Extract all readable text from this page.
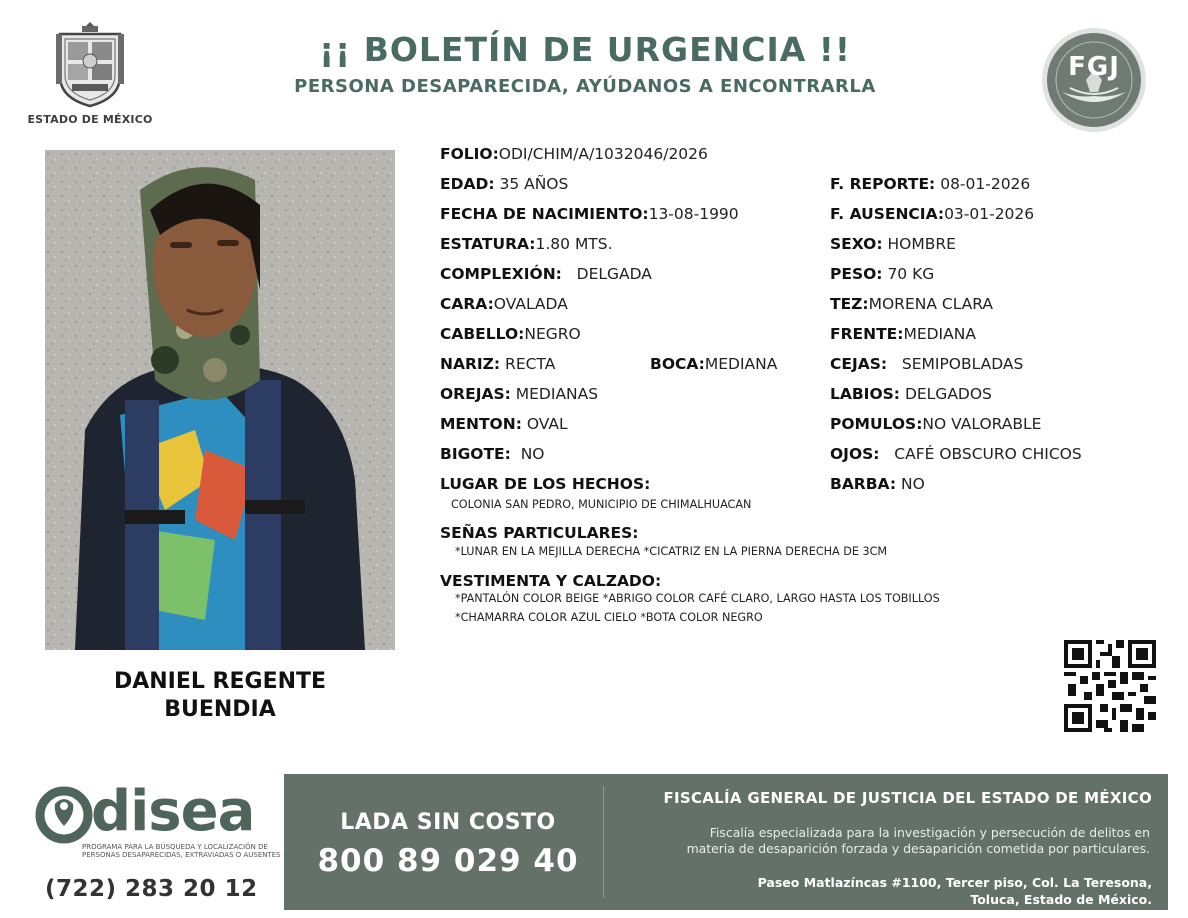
ESTADO DE MÉXICO
¡¡ BOLETÍN DE URGENCIA !!
PERSONA DESAPARECIDA, AYÚDANOS A ENCONTRARLA
FGJ
DANIEL REGENTE
BUENDIA
FOLIO:ODI/CHIM/A/1032046/2026
EDAD: 35 AÑOS
FECHA DE NACIMIENTO:13-08-1990
ESTATURA:1.80 MTS.
COMPLEXIÓN: DELGADA
CARA:OVALADA
CABELLO:NEGRO
NARIZ: RECTA	BOCA:MEDIANA
OREJAS: MEDIANAS
MENTON: OVAL
BIGOTE: NO
LUGAR DE LOS HECHOS:
COLONIA SAN PEDRO, MUNICIPIO DE CHIMALHUACAN
F. REPORTE: 08-01-2026
F. AUSENCIA:03-01-2026
SEXO: HOMBRE
PESO: 70 KG
TEZ:MORENA CLARA
FRENTE:MEDIANA
CEJAS: SEMIPOBLADAS
LABIOS: DELGADOS
POMULOS:NO VALORABLE
OJOS: CAFÉ OBSCURO CHICOS
BARBA: NO
SEÑAS PARTICULARES:
*LUNAR EN LA MEJILLA DERECHA *CICATRIZ EN LA PIERNA DERECHA DE 3CM
VESTIMENTA Y CALZADO:
*PANTALÓN COLOR BEIGE *ABRIGO COLOR CAFÉ CLARO, LARGO HASTA LOS TOBILLOS
*CHAMARRA COLOR AZUL CIELO *BOTA COLOR NEGRO
disea
PROGRAMA PARA LA BÚSQUEDA Y LOCALIZACIÓN DE PERSONAS DESAPARECIDAS, EXTRAVIADAS O AUSENTES
(722) 283 20 12
LADA SIN COSTO
800 89 029 40
FISCALÍA GENERAL DE JUSTICIA DEL ESTADO DE MÉXICO
Fiscalía especializada para la investigación y persecución de delitos en
materia de desaparición forzada y desaparición cometida por particulares.
Paseo Matlazíncas #1100, Tercer piso, Col. La Teresona,
Toluca, Estado de México.
